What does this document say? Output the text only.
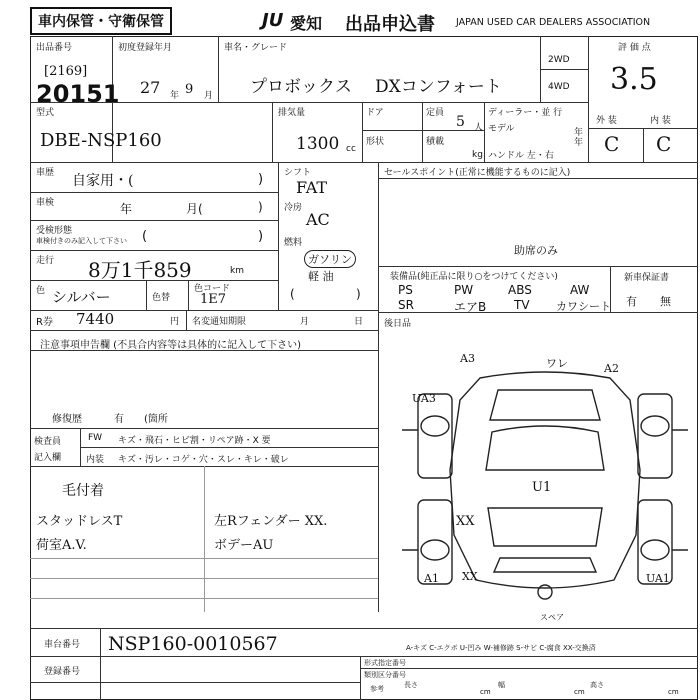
車内保管・守衛保管	JU 愛知 出品申込書 JAPAN USED CAR DEALERS ASSOCIATION
出品番号
[2169]
20151
初度登録年月
27 年 9 月
車名・グレード
プロボックス DXコンフォート
2WD
4WD
評 価 点
3.5
型式
DBE-NSP160
排気量
1300 cc
ドア
形状
定員
5 人
積載
kg
ディーラー・並 行
モデル	年
年
ハンドル 左・右
外 装	内 装
C C
車歴 自家用・(	)
車検	年	月(	)
受検形態
車検付きのみ記入して下さい (	)
走行 8万1千859	km
色 シルバー	色替
色コード
1E7
シフト
FAT
冷房
AC
燃料
ガソリン
軽 油
(	)
R券 7440	円 名変通知期限	月	日
セールスポイント(正常に機能するものに記入)
助席のみ
装備品(純正品に限り○をつけてください)
PS	PW	ABS	AW
SR	エアB TV カワシート
新車保証書
有 無
後日品
注意事項申告欄 (不具合内容等は具体的に記入して下さい)
修復歴	有 (箇所
検査員
記入欄
FW キズ・飛石・ヒビ割・リペア跡・X 要
内装 キズ・汚レ・コゲ・穴・スレ・キレ・破レ
毛付着
スタッドレスT
荷室A.V.
左Rフェンダー XX.
ボデーAU
A3	ワレ	A2
UA3
U1
XX
A1 XX	UA1
スペア
車台番号 NSP160-0010567
登録番号
A-キズ C-エクボ U-凹み W-補修跡 S-サビ C-腐食 XX-交換済
形式指定番号
類別区分番号
参考	長さ
cm
幅
cm
高さ
cm
